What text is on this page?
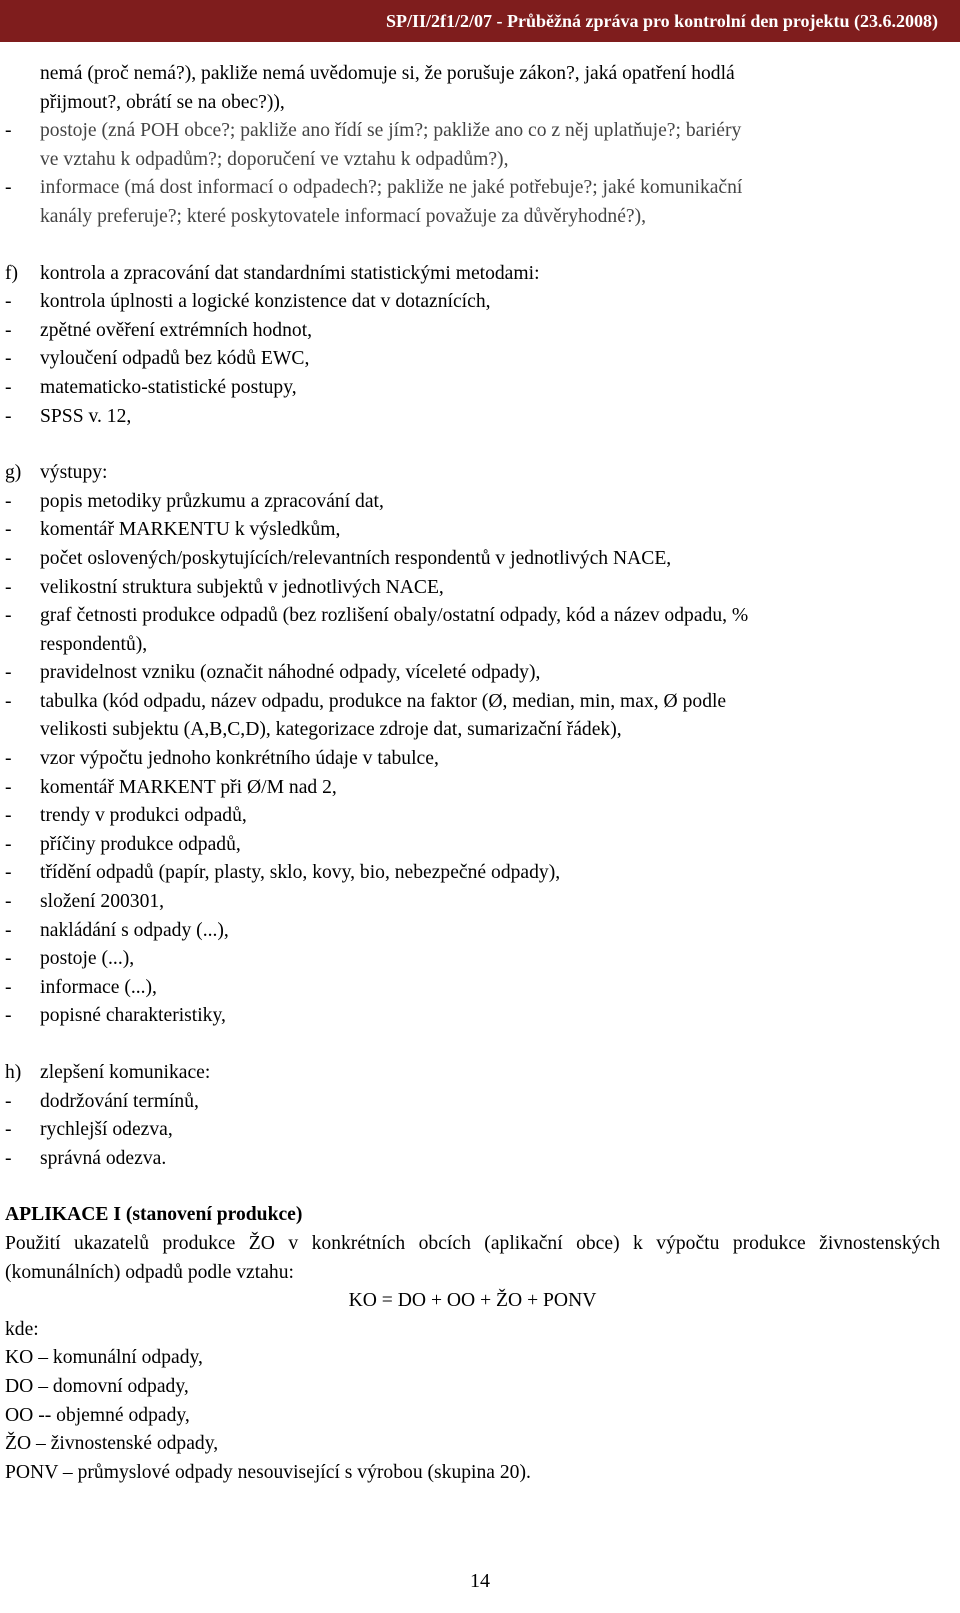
SP/II/2f1/2/07 - Průběžná zpráva pro kontrolní den projektu (23.6.2008)
nemá (proč nemá?), pakliže nemá uvědomuje si, že porušuje zákon?, jaká opatření hodlá
přijmout?, obrátí se na obec?)),
-	postoje (zná POH obce?; pakliže ano řídí se jím?; pakliže ano co z něj uplatňuje?; bariéry
ve vztahu k odpadům?; doporučení ve vztahu k odpadům?),
-	informace (má dost informací o odpadech?; pakliže ne jaké potřebuje?; jaké komunikační
kanály preferuje?; které poskytovatele informací považuje za důvěryhodné?),
f)	kontrola a zpracování dat standardními statistickými metodami:
-	kontrola úplnosti a logické konzistence dat v dotaznících,
-	zpětné ověření extrémních hodnot,
-	vyloučení odpadů bez kódů EWC,
-	matematicko-statistické postupy,
-	SPSS v. 12,
g) výstupy:
-	popis metodiky průzkumu a zpracování dat,
-	komentář MARKENTU k výsledkům,
-	počet oslovených/poskytujících/relevantních respondentů v jednotlivých NACE,
-	velikostní struktura subjektů v jednotlivých NACE,
-	graf četnosti produkce odpadů (bez rozlišení obaly/ostatní odpady, kód a název odpadu, %
respondentů),
-	pravidelnost vzniku (označit náhodné odpady, víceleté odpady),
-	tabulka (kód odpadu, název odpadu, produkce na faktor (Ø, median, min, max, Ø podle
velikosti subjektu (A,B,C,D), kategorizace zdroje dat, sumarizační řádek),
-	vzor výpočtu jednoho konkrétního údaje v tabulce,
-	komentář MARKENT při Ø/M nad 2,
-	trendy v produkci odpadů,
-	příčiny produkce odpadů,
-	třídění odpadů (papír, plasty, sklo, kovy, bio, nebezpečné odpady),
-	složení 200301,
-	nakládání s odpady (...),
-	postoje (...),
-	informace (...),
-	popisné charakteristiky,
h) zlepšení komunikace:
-	dodržování termínů,
-	rychlejší odezva,
-	správná odezva.
APLIKACE I (stanovení produkce)
Použití ukazatelů produkce ŽO v konkrétních obcích (aplikační obce) k výpočtu produkce živnostenských (komunálních) odpadů podle vztahu:
KO = DO + OO + ŽO + PONV
kde:
KO – komunální odpady,
DO – domovní odpady,
OO -- objemné odpady,
ŽO – živnostenské odpady,
PONV – průmyslové odpady nesouvisející s výrobou (skupina 20).
14
